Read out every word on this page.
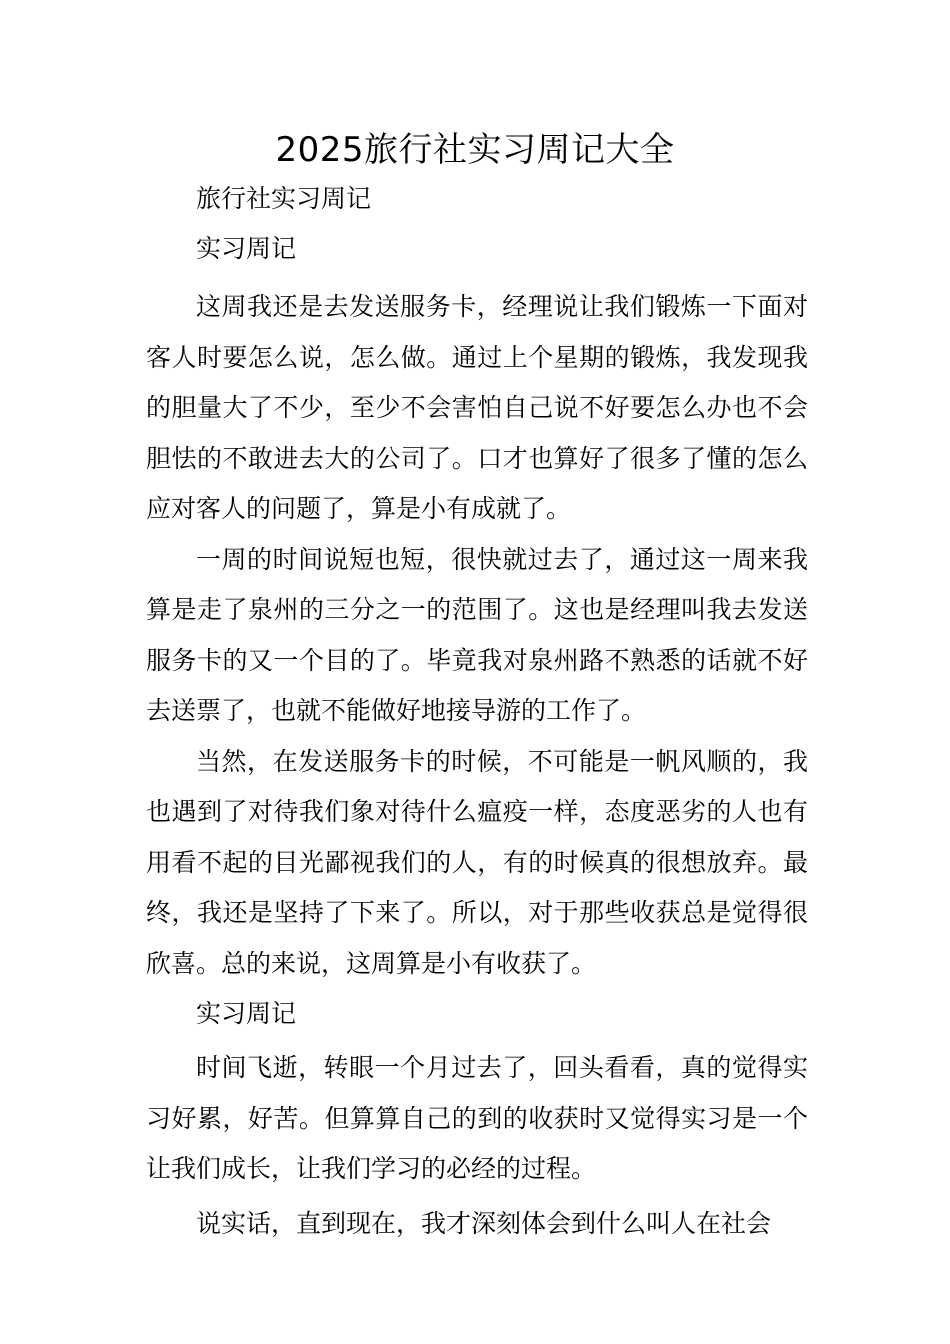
2025旅行社实习周记大全

旅行社实习周记

实习周记

这周我还是去发送服务卡，经理说让我们锻炼一下面对客人时要怎么说，怎么做。通过上个星期的锻炼，我发现我的胆量大了不少，至少不会害怕自己说不好要怎么办也不会胆怯的不敢进去大的公司了。口才也算好了很多了懂的怎么应对客人的问题了，算是小有成就了。

一周的时间说短也短，很快就过去了，通过这一周来我算是走了泉州的三分之一的范围了。这也是经理叫我去发送服务卡的又一个目的了。毕竟我对泉州路不熟悉的话就不好去送票了，也就不能做好地接导游的工作了。

当然，在发送服务卡的时候，不可能是一帆风顺的，我也遇到了对待我们象对待什么瘟疫一样，态度恶劣的人也有用看不起的目光鄙视我们的人，有的时候真的很想放弃。最终，我还是坚持了下来了。所以，对于那些收获总是觉得很欣喜。总的来说，这周算是小有收获了。

实习周记

时间飞逝，转眼一个月过去了，回头看看，真的觉得实习好累，好苦。但算算自己的到的收获时又觉得实习是一个让我们成长，让我们学习的必经的过程。

说实话，直到现在，我才深刻体会到什么叫人在社会
